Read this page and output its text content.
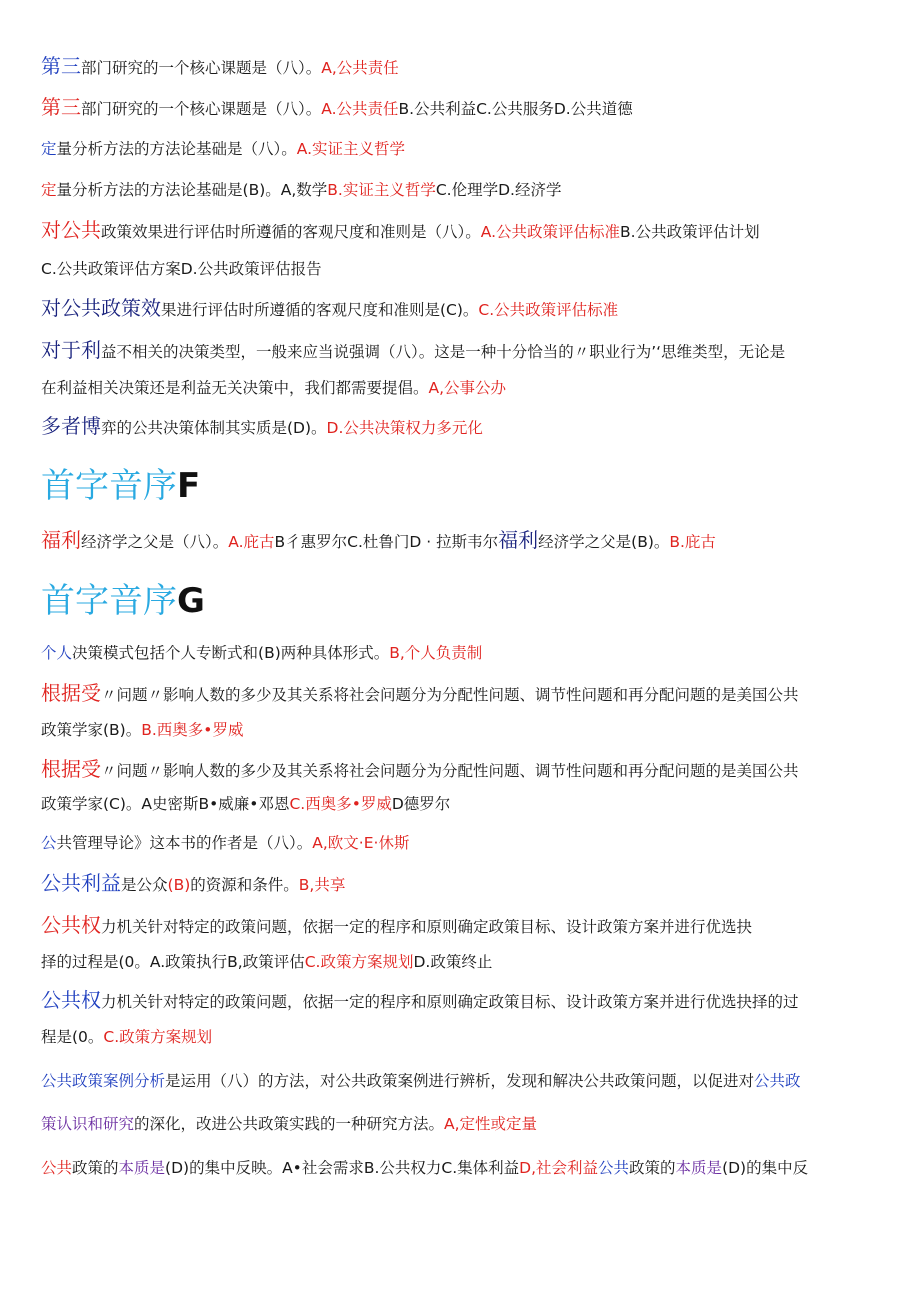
第三部门研究的一个核心课题是（八）。A,公共责任
第三部门研究的一个核心课题是（八）。A.公共责任B.公共利益C.公共服务D.公共道德
定量分析方法的方法论基础是（八）。A.实证主义哲学
定量分析方法的方法论基础是(B)。A,数学B.实证主义哲学C.伦理学D.经济学
对公共政策效果进行评估时所遵循的客观尺度和准则是（八）。A.公共政策评估标准B.公共政策评估计划
C.公共政策评估方案D.公共政策评估报告
对公共政策效果进行评估时所遵循的客观尺度和准则是(C)。C.公共政策评估标准
对于利益不相关的决策类型，一般来应当说强调（八）。这是一种十分恰当的〃职业行为’‘思维类型，无论是
在利益相关决策还是利益无关决策中，我们都需要提倡。A,公事公办
多者博弈的公共决策体制其实质是(D)。D.公共决策权力多元化
首字音序F
福利经济学之父是（八）。A.庇古B彳惠罗尔C.杜鲁门D · 拉斯韦尔福利经济学之父是(B)。B.庇古
首字音序G
个人决策模式包括个人专断式和(B)两种具体形式。B,个人负责制
根据受〃问题〃影响人数的多少及其关系将社会问题分为分配性问题、调节性问题和再分配问题的是美国公共
政策学家(B)。B.西奥多•罗威
根据受〃问题〃影响人数的多少及其关系将社会问题分为分配性问题、调节性问题和再分配问题的是美国公共
政策学家(C)。A史密斯B•威廉•邓恩C.西奥多•罗威D德罗尔
公共管理导论》这本书的作者是（八）。A,欧文·E·休斯
公共利益是公众(B)的资源和条件。B,共享
公共权力机关针对特定的政策问题，依据一定的程序和原则确定政策目标、设计政策方案并进行优选抉
择的过程是(0。A.政策执行B,政策评估C.政策方案规划D.政策终止
公共权力机关针对特定的政策问题，依据一定的程序和原则确定政策目标、设计政策方案并进行优选抉择的过
程是(0。C.政策方案规划
公共政策案例分析是运用（八）的方法，对公共政策案例进行辨析，发现和解决公共政策问题，以促进对公共政
策认识和研究的深化，改进公共政策实践的一种研究方法。A,定性或定量
公共政策的本质是(D)的集中反映。A•社会需求B.公共权力C.集体利益D,社会利益公共政策的本质是(D)的集中反
